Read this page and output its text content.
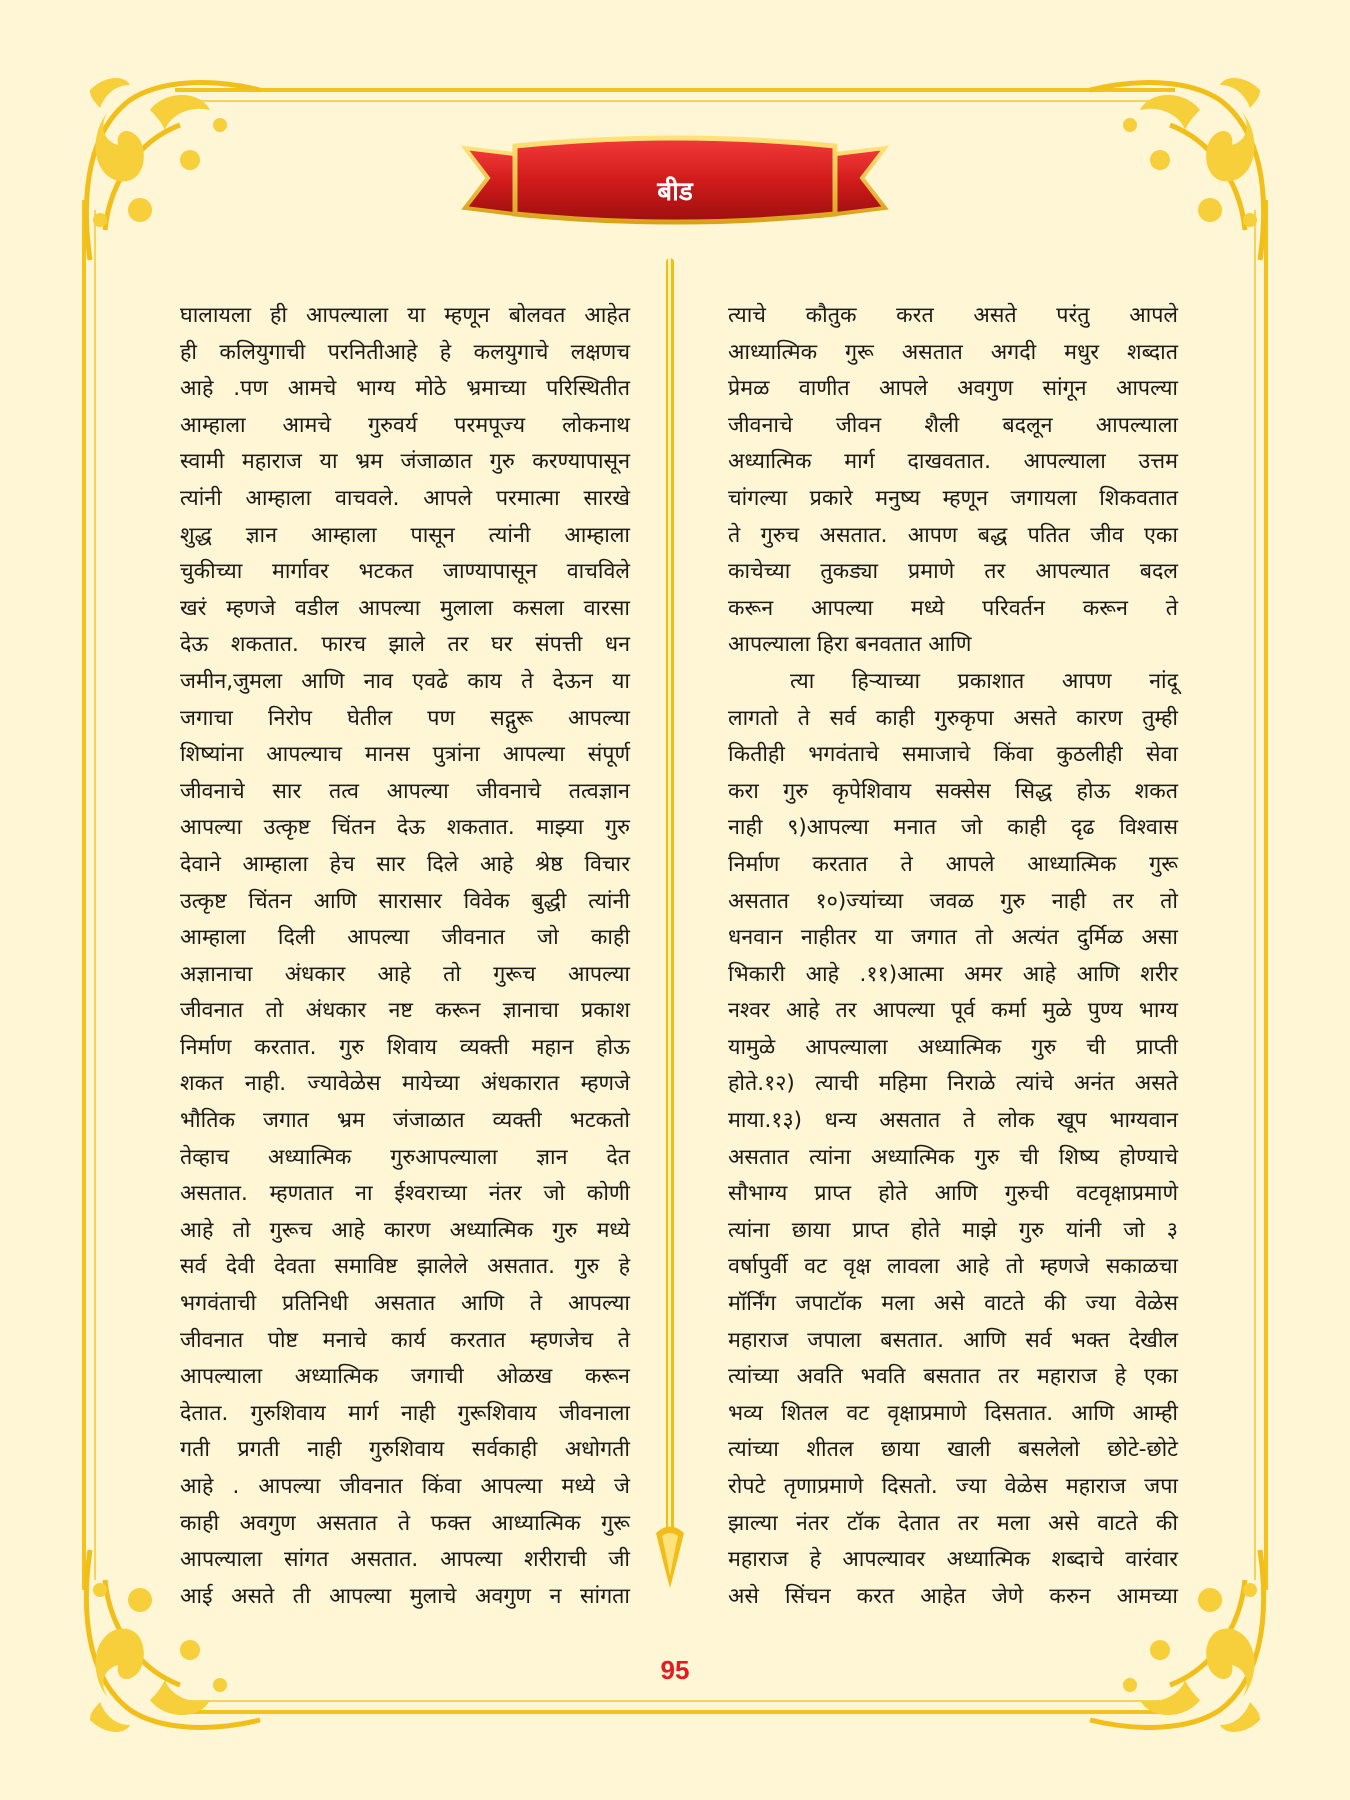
बीड
घालायला ही आपल्याला या म्हणून बोलवत आहेत
ही कलियुगाची परनितीआहे हे कलयुगाचे लक्षणच
आहे .पण आमचे भाग्य मोठे भ्रमाच्या परिस्थितीत
आम्हाला आमचे गुरुवर्य परमपूज्य लोकनाथ
स्वामी महाराज या भ्रम जंजाळात गुरु करण्यापासून
त्यांनी आम्हाला वाचवले. आपले परमात्मा सारखे
शुद्ध ज्ञान आम्हाला पासून त्यांनी आम्हाला
चुकीच्या मार्गावर भटकत जाण्यापासून वाचविले
खरं म्हणजे वडील आपल्या मुलाला कसला वारसा
देऊ शकतात. फारच झाले तर घर संपत्ती धन
जमीन,जुमला आणि नाव एवढे काय ते देऊन या
जगाचा निरोप घेतील पण सद्गुरू आपल्या
शिष्यांना आपल्याच मानस पुत्रांना आपल्या संपूर्ण
जीवनाचे सार तत्व आपल्या जीवनाचे तत्वज्ञान
आपल्या उत्कृष्ट चिंतन देऊ शकतात. माझ्या गुरु
देवाने आम्हाला हेच सार दिले आहे श्रेष्ठ विचार
उत्कृष्ट चिंतन आणि सारासार विवेक बुद्धी त्यांनी
आम्हाला दिली आपल्या जीवनात जो काही
अज्ञानाचा अंधकार आहे तो गुरूच आपल्या
जीवनात तो अंधकार नष्ट करून ज्ञानाचा प्रकाश
निर्माण करतात. गुरु शिवाय व्यक्ती महान होऊ
शकत नाही. ज्यावेळेस मायेच्या अंधकारात म्हणजे
भौतिक जगात भ्रम जंजाळात व्यक्ती भटकतो
तेव्हाच अध्यात्मिक गुरुआपल्याला ज्ञान देत
असतात. म्हणतात ना ईश्वराच्या नंतर जो कोणी
आहे तो गुरूच आहे कारण अध्यात्मिक गुरु मध्ये
सर्व देवी देवता समाविष्ट झालेले असतात. गुरु हे
भगवंताची प्रतिनिधी असतात आणि ते आपल्या
जीवनात पोष्ट मनाचे कार्य करतात म्हणजेच ते
आपल्याला अध्यात्मिक जगाची ओळख करून
देतात. गुरुशिवाय मार्ग नाही गुरूशिवाय जीवनाला
गती प्रगती नाही गुरुशिवाय सर्वकाही अधोगती
आहे . आपल्या जीवनात किंवा आपल्या मध्ये जे
काही अवगुण असतात ते फक्त आध्यात्मिक गुरू
आपल्याला सांगत असतात. आपल्या शरीराची जी
आई असते ती आपल्या मुलाचे अवगुण न सांगता
त्याचे कौतुक करत असते परंतु आपले
आध्यात्मिक गुरू असतात अगदी मधुर शब्दात
प्रेमळ वाणीत आपले अवगुण सांगून आपल्या
जीवनाचे जीवन शैली बदलून आपल्याला
अध्यात्मिक मार्ग दाखवतात. आपल्याला उत्तम
चांगल्या प्रकारे मनुष्य म्हणून जगायला शिकवतात
ते गुरुच असतात. आपण बद्ध पतित जीव एका
काचेच्या तुकड्या प्रमाणे तर आपल्यात बदल
करून आपल्या मध्ये परिवर्तन करून ते
आपल्याला हिरा बनवतात आणि
त्या हिऱ्याच्या प्रकाशात आपण नांदू
लागतो ते सर्व काही गुरुकृपा असते कारण तुम्ही
कितीही भगवंताचे समाजाचे किंवा कुठलीही सेवा
करा गुरु कृपेशिवाय सक्सेस सिद्ध होऊ शकत
नाही ९)आपल्या मनात जो काही दृढ विश्वास
निर्माण करतात ते आपले आध्यात्मिक गुरू
असतात १०)ज्यांच्या जवळ गुरु नाही तर तो
धनवान नाहीतर या जगात तो अत्यंत दुर्मिळ असा
भिकारी आहे .११)आत्मा अमर आहे आणि शरीर
नश्वर आहे तर आपल्या पूर्व कर्मा मुळे पुण्य भाग्य
यामुळे आपल्याला अध्यात्मिक गुरु ची प्राप्ती
होते.१२) त्याची महिमा निराळे त्यांचे अनंत असते
माया.१३) धन्य असतात ते लोक खूप भाग्यवान
असतात त्यांना अध्यात्मिक गुरु ची शिष्य होण्याचे
सौभाग्य प्राप्त होते आणि गुरुची वटवृक्षाप्रमाणे
त्यांना छाया प्राप्त होते माझे गुरु यांनी जो ३
वर्षापुर्वी वट वृक्ष लावला आहे तो म्हणजे सकाळचा
मॉर्निंग जपाटॉक मला असे वाटते की ज्या वेळेस
महाराज जपाला बसतात. आणि सर्व भक्त देखील
त्यांच्या अवति भवति बसतात तर महाराज हे एका
भव्य शितल वट वृक्षाप्रमाणे दिसतात. आणि आम्ही
त्यांच्या शीतल छाया खाली बसलेलो छोटे-छोटे
रोपटे तृणाप्रमाणे दिसतो. ज्या वेळेस महाराज जपा
झाल्या नंतर टॉक देतात तर मला असे वाटते की
महाराज हे आपल्यावर अध्यात्मिक शब्दाचे वारंवार
असे सिंचन करत आहेत जेणे करुन आमच्या
95
